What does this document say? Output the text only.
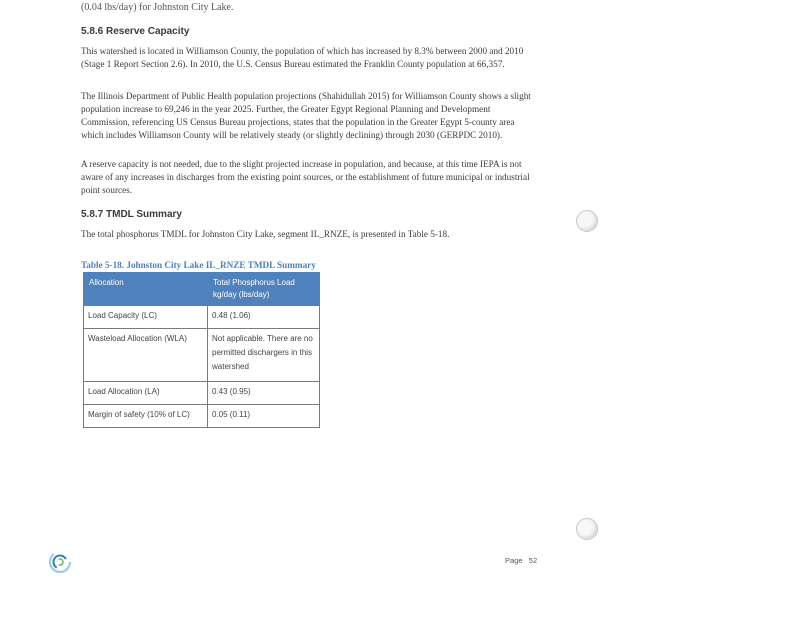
(0.04 lbs/day) for Johnston City Lake.
5.8.6 Reserve Capacity

This watershed is located in Williamson County, the population of which has increased by 8.3% between 2000 and 2010 (Stage 1 Report Section 2.6). In 2010, the U.S. Census Bureau estimated the Franklin County population at 66,357.

The Illinois Department of Public Health population projections (Shahidullah 2015) for Williamson County shows a slight population increase to 69,246 in the year 2025. Further, the Greater Egypt Regional Planning and Development Commission, referencing US Census Bureau projections, states that the population in the Greater Egypt 5-county area which includes Williamson County will be relatively steady (or slightly declining) through 2030 (GERPDC 2010).

A reserve capacity is not needed, due to the slight projected increase in population, and because, at this time IEPA is not aware of any increases in discharges from the existing point sources, or the establishment of future municipal or industrial point sources.

5.8.7 TMDL Summary

The total phosphorus TMDL for Johnston City Lake, segment IL_RNZE, is presented in Table 5-18.

Table 5-18. Johnston City Lake IL_RNZE TMDL Summary
Allocation	Total Phosphorus Load kg/day (lbs/day)
Load Capacity (LC)	0.48 (1.06)
Wasteload Allocation (WLA)	Not applicable. There are no permitted dischargers in this watershed
Load Allocation (LA)	0.43 (0.95)
Margin of safety (10% of LC)	0.05 (0.11)
Page 52
